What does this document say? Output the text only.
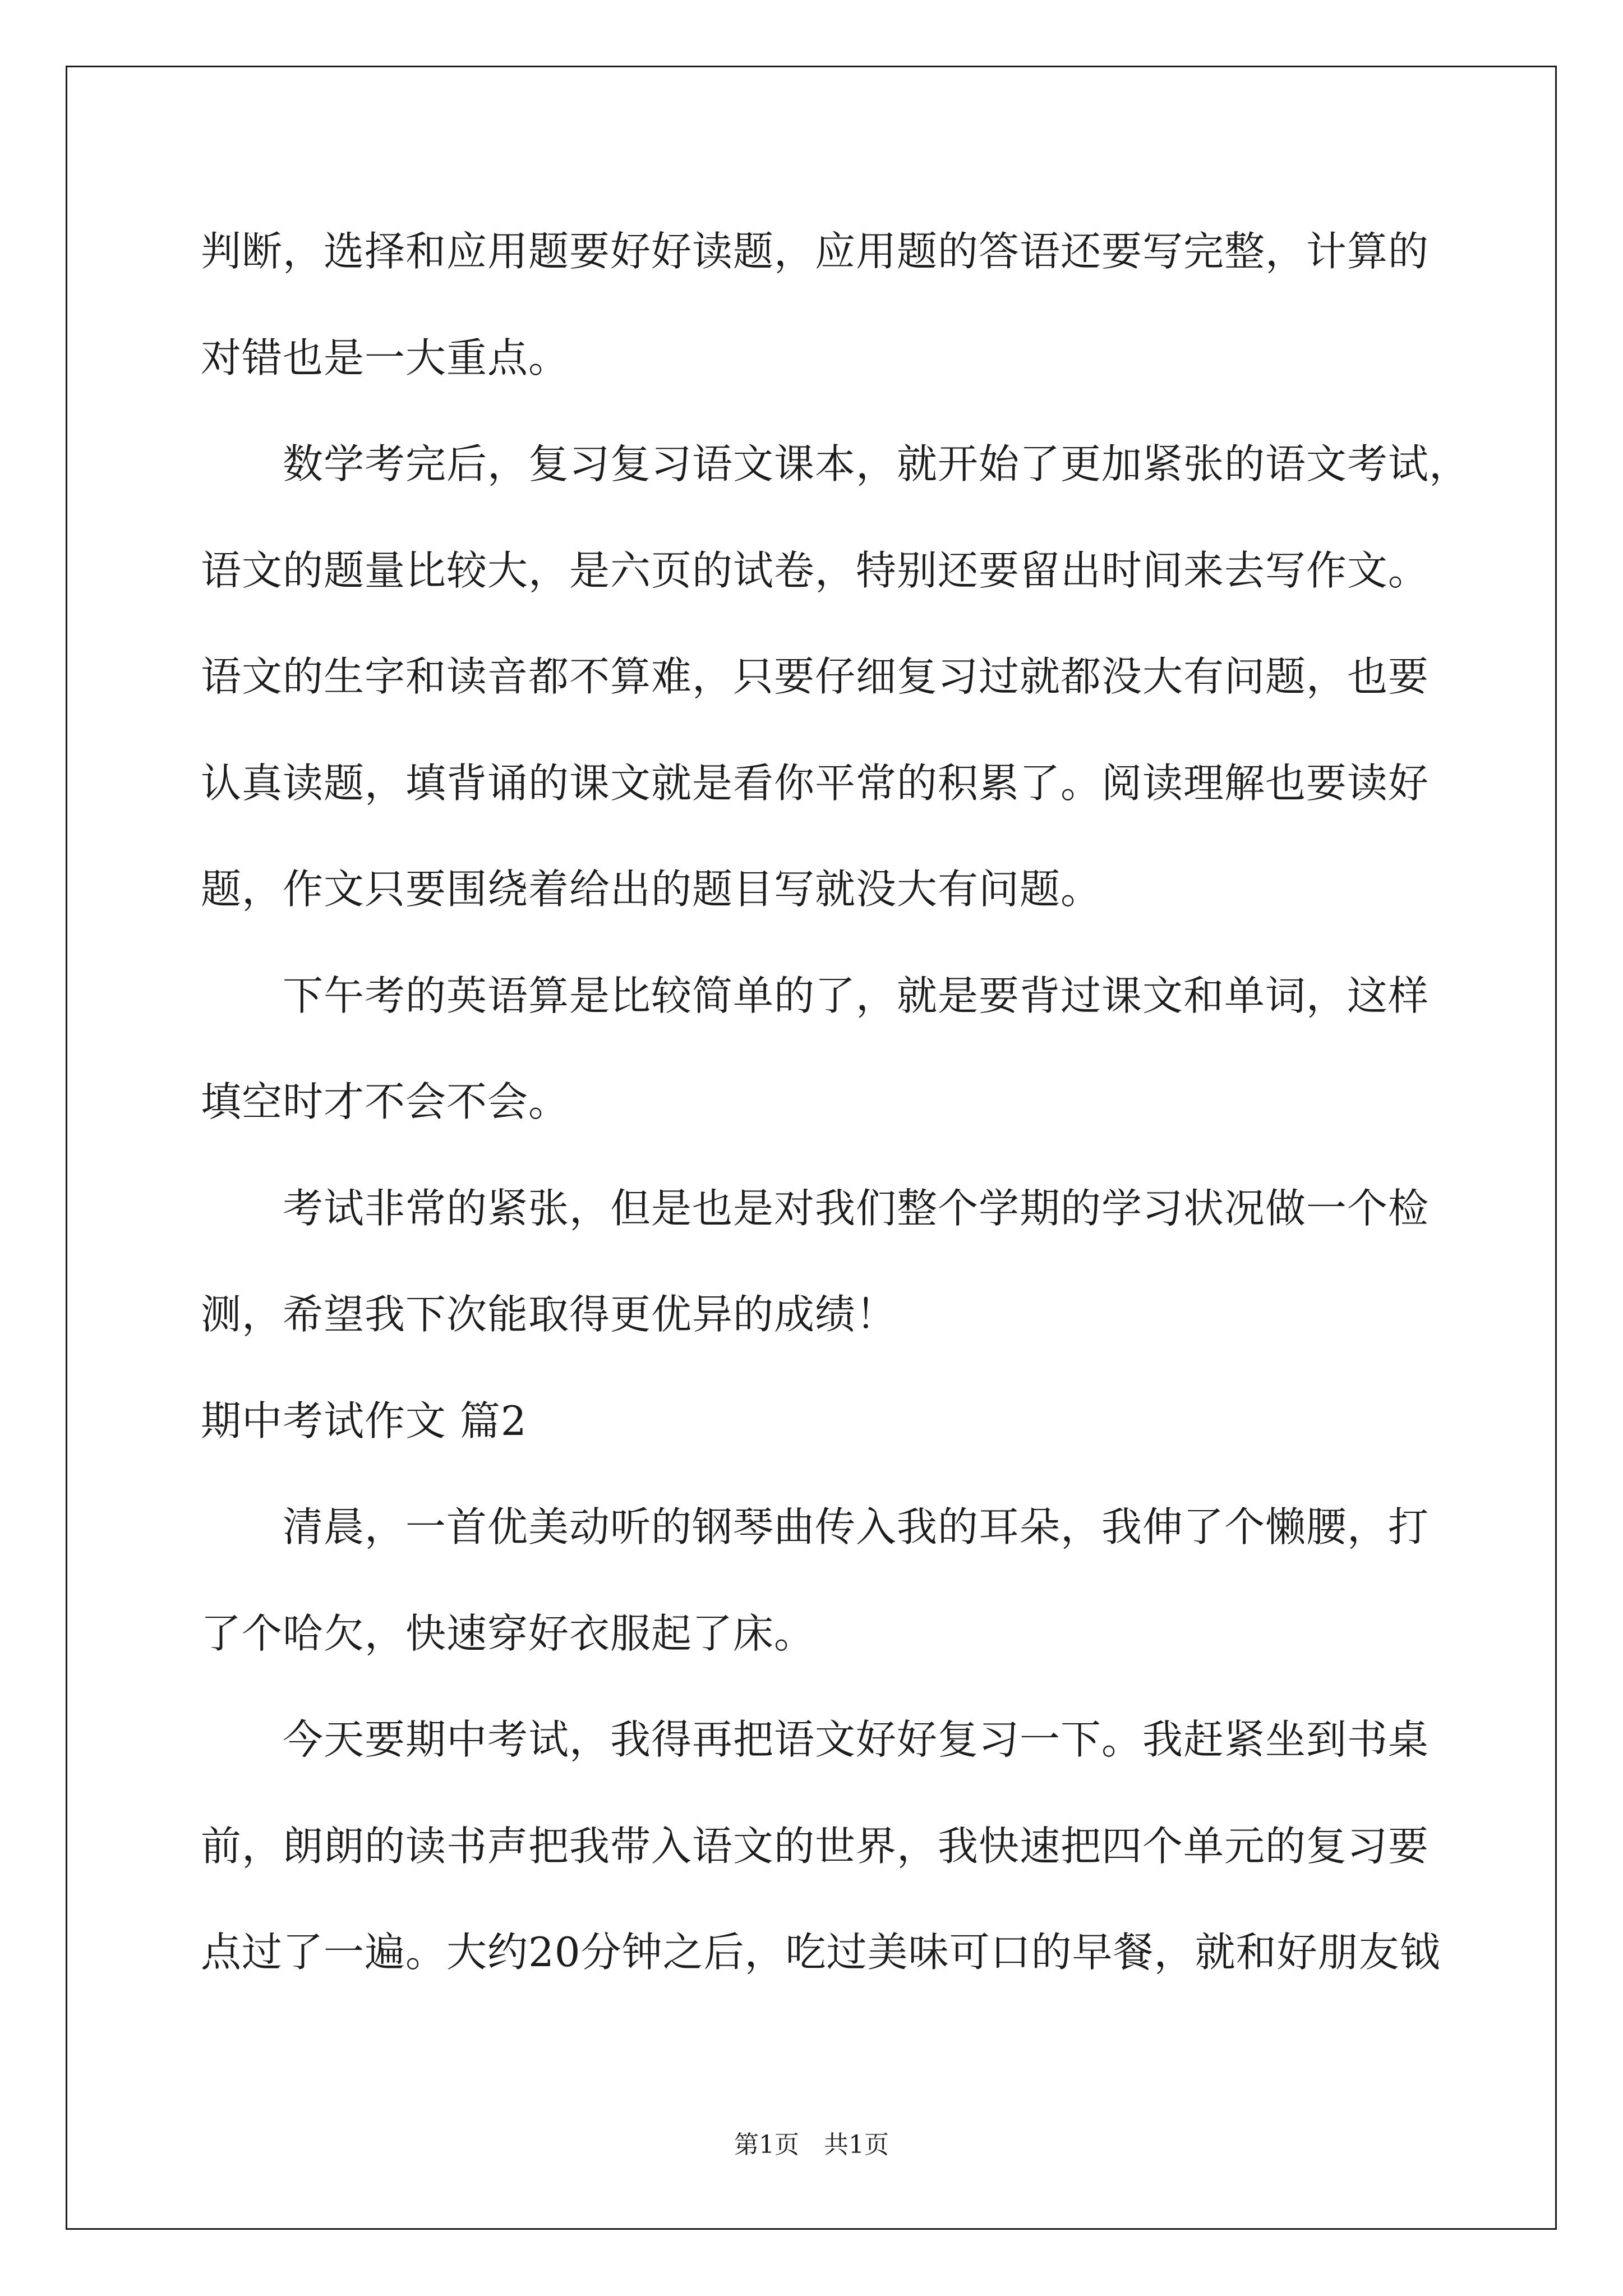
判断，选择和应用题要好好读题，应用题的答语还要写完整，计算的
对错也是一大重点。
数学考完后，复习复习语文课本，就开始了更加紧张的语文考试，
语文的题量比较大，是六页的试卷，特别还要留出时间来去写作文。
语文的生字和读音都不算难，只要仔细复习过就都没大有问题，也要
认真读题，填背诵的课文就是看你平常的积累了。阅读理解也要读好
题，作文只要围绕着给出的题目写就没大有问题。
下午考的英语算是比较简单的了，就是要背过课文和单词，这样
填空时才不会不会。
考试非常的紧张，但是也是对我们整个学期的学习状况做一个检
测，希望我下次能取得更优异的成绩！
期中考试作文 篇2
清晨，一首优美动听的钢琴曲传入我的耳朵，我伸了个懒腰，打
了个哈欠，快速穿好衣服起了床。
今天要期中考试，我得再把语文好好复习一下。我赶紧坐到书桌
前，朗朗的读书声把我带入语文的世界，我快速把四个单元的复习要
点过了一遍。大约20分钟之后，吃过美味可口的早餐，就和好朋友钺
第1页 共1页
